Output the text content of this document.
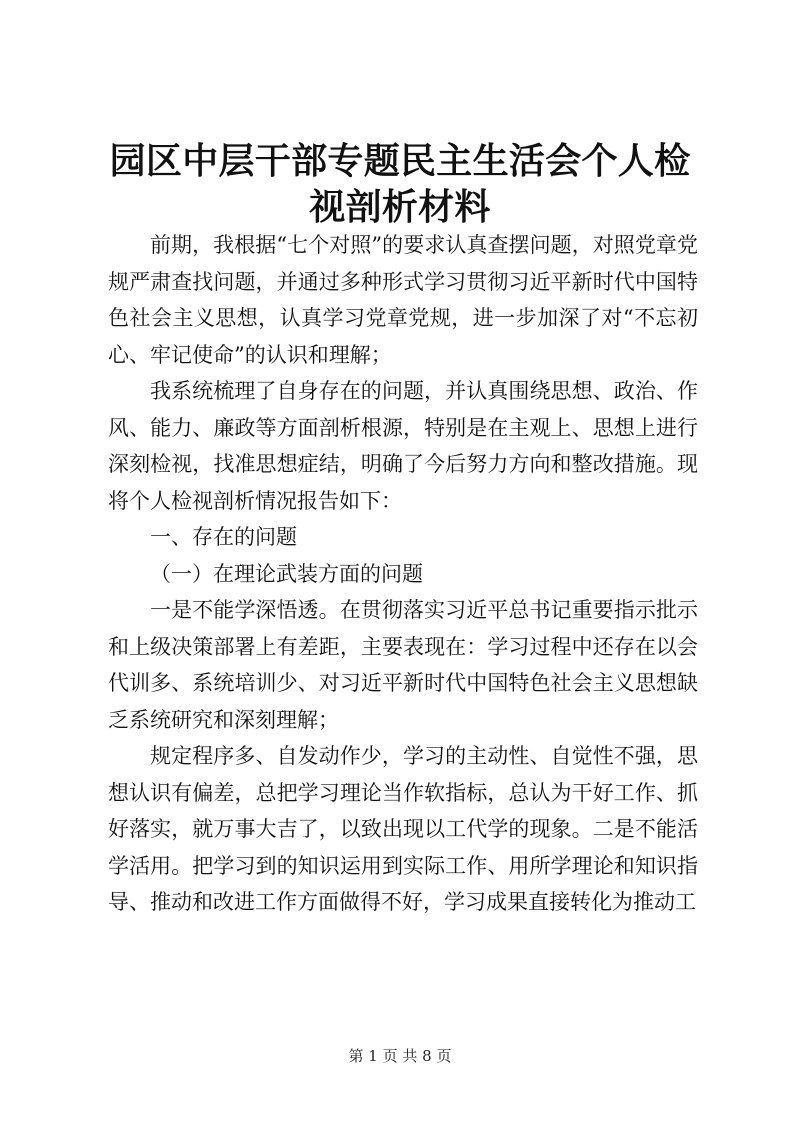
园区中层干部专题民主生活会个人检视剖析材料

前期，我根据“七个对照”的要求认真查摆问题，对照党章党规严肃查找问题，并通过多种形式学习贯彻习近平新时代中国特色社会主义思想，认真学习党章党规，进一步加深了对“不忘初心、牢记使命”的认识和理解；

我系统梳理了自身存在的问题，并认真围绕思想、政治、作风、能力、廉政等方面剖析根源，特别是在主观上、思想上进行深刻检视，找准思想症结，明确了今后努力方向和整改措施。现将个人检视剖析情况报告如下：

一、存在的问题

（一）在理论武装方面的问题

一是不能学深悟透。在贯彻落实习近平总书记重要指示批示和上级决策部署上有差距，主要表现在：学习过程中还存在以会代训多、系统培训少、对习近平新时代中国特色社会主义思想缺乏系统研究和深刻理解；

规定程序多、自发动作少，学习的主动性、自觉性不强，思想认识有偏差，总把学习理论当作软指标，总认为干好工作、抓好落实，就万事大吉了，以致出现以工代学的现象。二是不能活学活用。把学习到的知识运用到实际工作、用所学理论和知识指导、推动和改进工作方面做得不好，学习成果直接转化为推动工

第 1 页 共 8 页
